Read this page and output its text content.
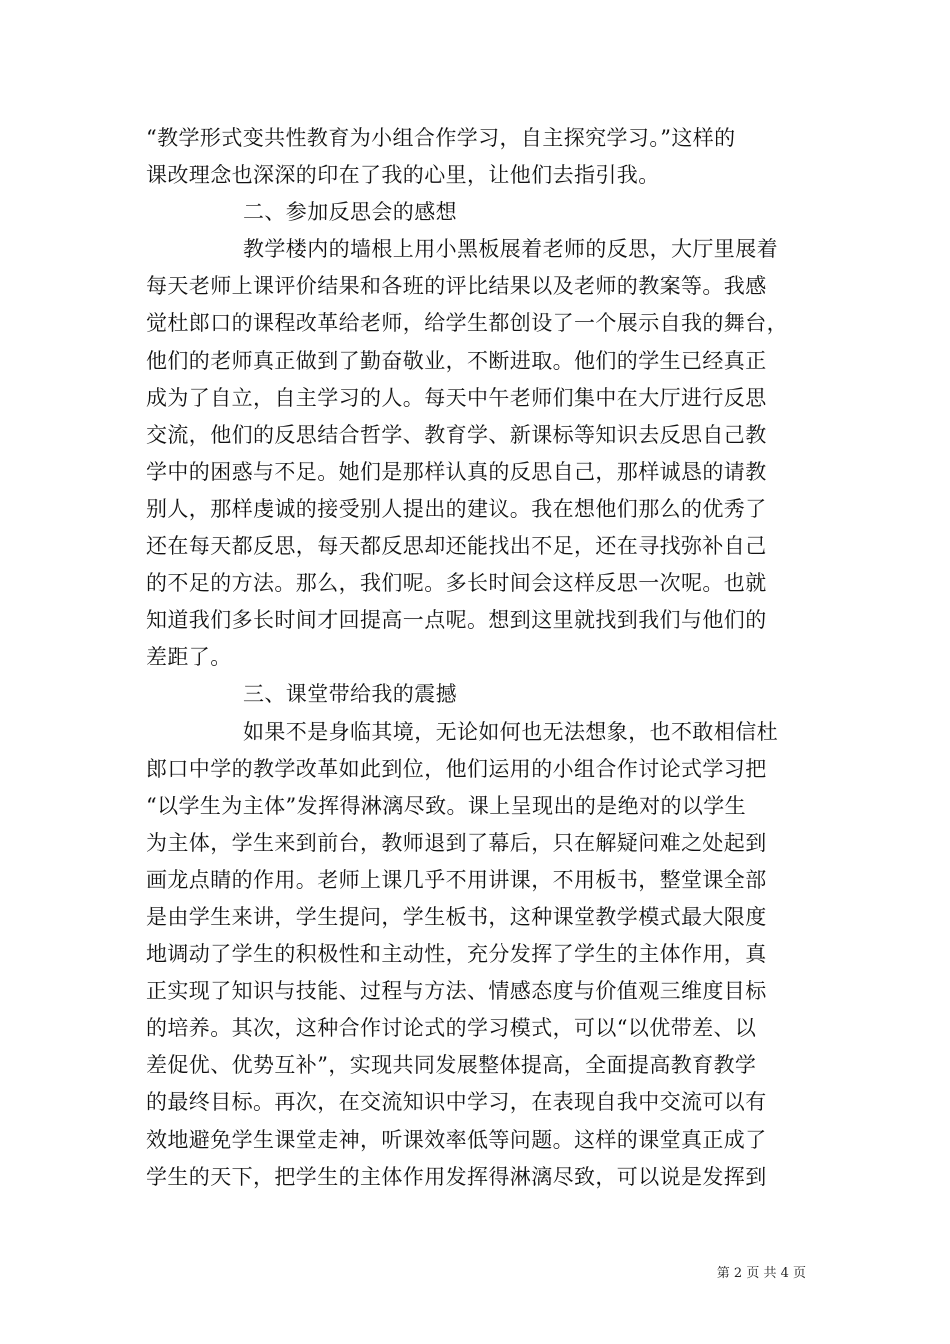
“教学形式变共性教育为小组合作学习，自主探究学习。”这样的
课改理念也深深的印在了我的心里，让他们去指引我。
二、参加反思会的感想
教学楼内的墙根上用小黑板展着老师的反思，大厅里展着
每天老师上课评价结果和各班的评比结果以及老师的教案等。我感
觉杜郎口的课程改革给老师，给学生都创设了一个展示自我的舞台，
他们的老师真正做到了勤奋敬业，不断进取。他们的学生已经真正
成为了自立，自主学习的人。每天中午老师们集中在大厅进行反思
交流，他们的反思结合哲学、教育学、新课标等知识去反思自己教
学中的困惑与不足。她们是那样认真的反思自己，那样诚恳的请教
别人，那样虔诚的接受别人提出的建议。我在想他们那么的优秀了
还在每天都反思，每天都反思却还能找出不足，还在寻找弥补自己
的不足的方法。那么，我们呢。多长时间会这样反思一次呢。也就
知道我们多长时间才回提高一点呢。想到这里就找到我们与他们的
差距了。
三、课堂带给我的震撼
如果不是身临其境，无论如何也无法想象，也不敢相信杜
郎口中学的教学改革如此到位，他们运用的小组合作讨论式学习把
“以学生为主体”发挥得淋漓尽致。课上呈现出的是绝对的以学生
为主体，学生来到前台，教师退到了幕后，只在解疑问难之处起到
画龙点睛的作用。老师上课几乎不用讲课，不用板书，整堂课全部
是由学生来讲，学生提问，学生板书，这种课堂教学模式最大限度
地调动了学生的积极性和主动性，充分发挥了学生的主体作用，真
正实现了知识与技能、过程与方法、情感态度与价值观三维度目标
的培养。其次，这种合作讨论式的学习模式，可以“以优带差、以
差促优、优势互补”，实现共同发展整体提高，全面提高教育教学
的最终目标。再次，在交流知识中学习，在表现自我中交流可以有
效地避免学生课堂走神，听课效率低等问题。这样的课堂真正成了
学生的天下，把学生的主体作用发挥得淋漓尽致，可以说是发挥到
第 2 页 共 4 页
